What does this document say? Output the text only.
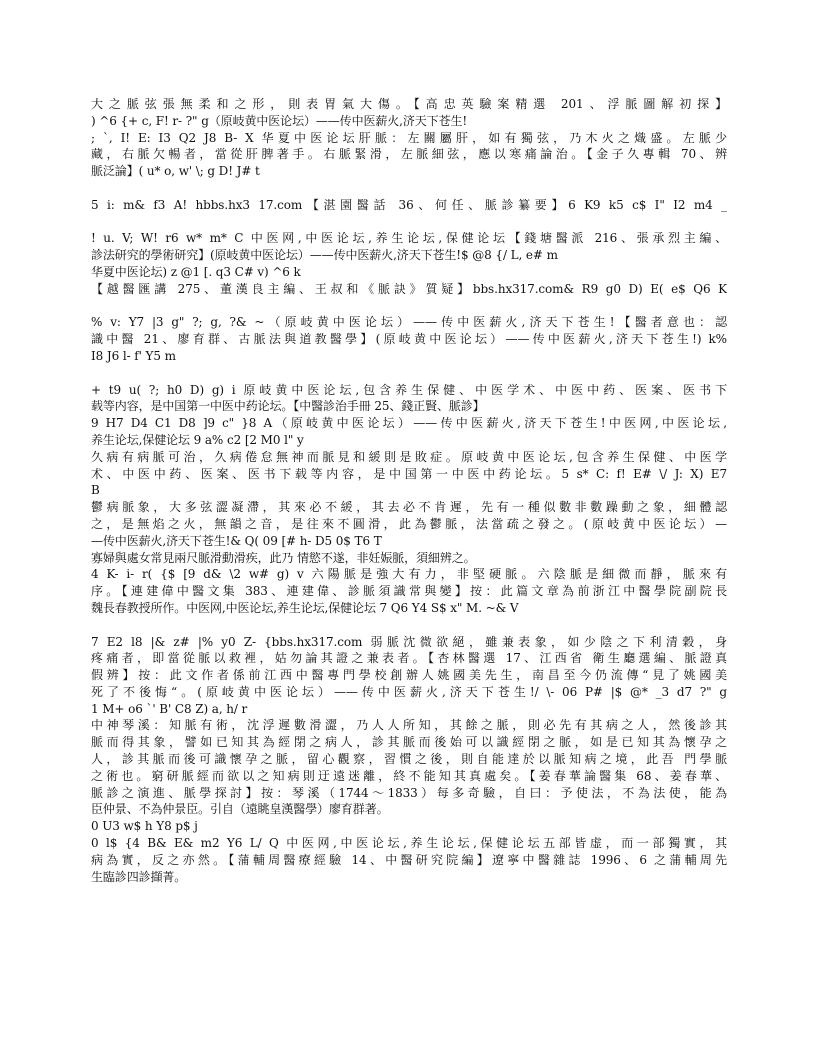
大之脈弦張無柔和之形，則表胃氣大傷。【高忠英驗案精選 201、浮脈圖解初探】
) ^6 {+ c, F! r- ?" g（原岐黄中医论坛）——传中医薪火,济天下苍生!
; `, I! E: I3 Q2 J8 B- X 华夏中医论坛肝脈：左關屬肝，如有獨弦，乃木火之熾盛。左脈少
藏，右脈欠暢者，當從肝脾著手。右脈緊滑，左脈細弦，應以寒痛論治。【金子久專輯 70、辨
脈泛論】( u* o, w' \; g D! J# t
5 i: m& f3 A! hbbs.hx3 17.com【湛園醫話 36、何任、脈診纂要】6 K9 k5 c$ I" I2 m4 _
! u. V; W! r6 w* m* C 中医网,中医论坛,养生论坛,保健论坛【錢塘醫派 216、張承烈主編、
診法研究的學術研究】(原岐黄中医论坛）——传中医薪火,济天下苍生!$ @8 {/ L, e# m
华夏中医论坛) z @1 [. q3 C# v) ^6 k
【越醫匯講 275、董漢良主編、王叔和《脈訣》質疑】bbs.hx317.com& R9 g0 D) E( e$ Q6 K
% v: Y7 |3 g" ?; g, ?& ~（原岐黄中医论坛）——传中医薪火,济天下苍生!【醫者意也：認
識中醫 21、廖育群、古脈法與道教醫學】(原岐黄中医论坛）——传中医薪火,济天下苍生!) k%
I8 J6 l- f' Y5 m
+ t9 u( ?; h0 D) g) i 原岐黄中医论坛,包含养生保健、中医学术、中医中药、医案、医书下
载等内容，是中国第一中医中药论坛。【中醫診治手冊 25、錢正賢、脈診】
9 H7 D4 C1 D8 ]9 c" }8 A（原岐黄中医论坛）——传中医薪火,济天下苍生!中医网,中医论坛,
养生论坛,保健论坛 9 a% c2 [2 M0 l" y
久病有病脈可治，久病倦怠無神而脈見和緩則是敗症。原岐黄中医论坛,包含养生保健、中医学
术、中医中药、医案、医书下载等内容，是中国第一中医中药论坛。5 s* C: f! E# \/ J: X) E7
B
鬱病脈象，大多弦澀凝滯，其來必不緩，其去必不肯遲，先有一種似數非數躁動之象，細體認
之，是無焰之火，無韻之音，是往來不圓滑，此為鬱脈，法當疏之發之。(原岐黄中医论坛）—
—传中医薪火,济天下苍生!& Q( 09 [# h- D5 0$ T6 T
寡婦與處女常見兩尺脈滑動滑疾，此乃 情慾不遂，非妊娠脈，須細辨之。
4 K- i- r( {$ [9 d& \2 w# g) v 六陽脈是強大有力，非堅硬脈。六陰脈是細微而靜，脈來有
序。【連建偉中醫文集 383、連建偉、診脈須識常與變】按：此篇文章為前浙江中醫學院副院長
魏長春教授所作。中医网,中医论坛,养生论坛,保健论坛 7 Q6 Y4 S$ x" M. ~& V
7 E2 l8 |& z# |% y0 Z- {bbs.hx317.com 弱脈沈微欲絕，雖兼表象，如少陰之下利清穀，身
疼痛者，即當從脈以救裡，姑勿論其證之兼表者。【杏林醫選 17、江西省 衛生廳選編、脈證真
假辨】按：此文作者係前江西中醫專門學校創辦人姚國美先生，南昌至今仍流傳“見了姚國美
死了不後悔“。(原岐黄中医论坛）——传中医薪火,济天下苍生!/ \- 06 P# |$ @* _3 d7 ?" g
1 M+ o6 `' B' C8 Z) a, h/ r
中神琴溪：知脈有術，沈浮遲數滑澀，乃人人所知，其餘之脈，則必先有其病之人，然後診其
脈而得其象，譬如已知其為經閉之病人，診其脈而後始可以識經閉之脈，如是已知其為懷孕之
人，診其脈而後可識懷孕之脈，留心觀察，習慣之後，則自能達於以脈知病之境，此吾 門學脈
之術也。窮研脈經而欲以之知病則迂遠迷離，終不能知其真處矣。【姜春華論醫集 68、姜春華、
脈診之演進、脈學探討】按：琴溪（1744～1833）每多奇驗，自曰：予使法，不為法使，能為
臣仲景、不為仲景臣。引自（遠眺皇漢醫學）廖育群著。
0 U3 w$ h Y8 p$ j
0 l$ {4 B& E& m2 Y6 L/ Q 中医网,中医论坛,养生论坛,保健论坛五部皆虚，而一部獨實，其
病為實，反之亦然。【蒲輔周醫療經驗 14、中醫研究院編】遼寧中醫雜誌 1996、6 之蒲輔周先
生臨診四診擷菁。
